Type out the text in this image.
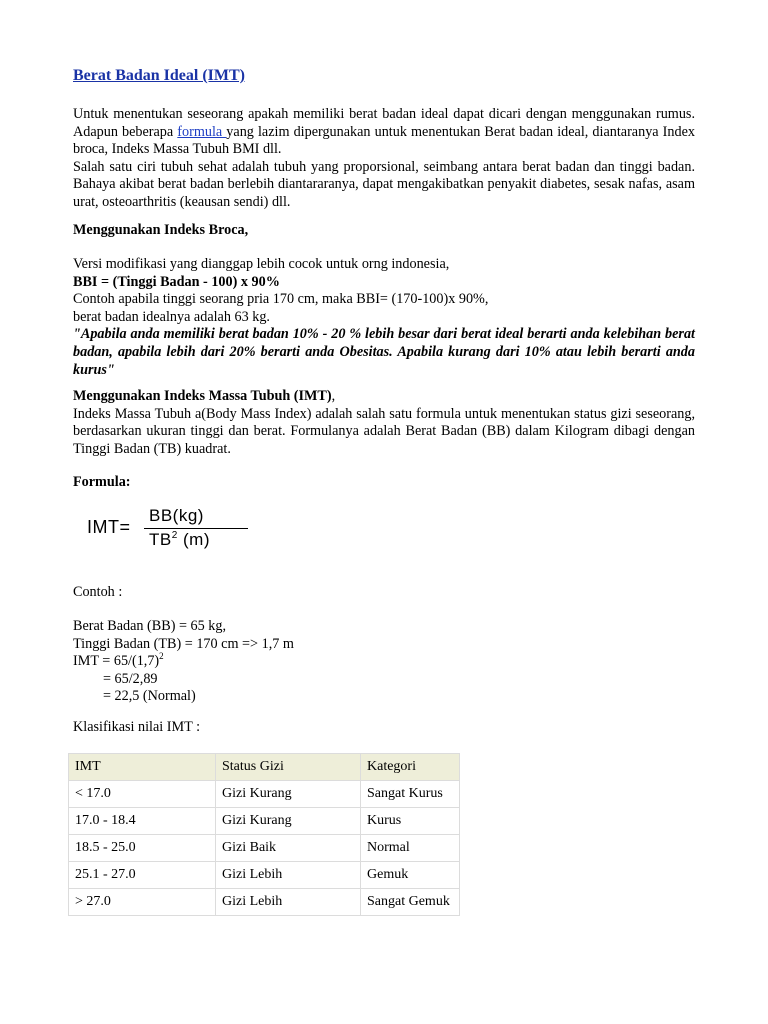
Berat Badan Ideal (IMT)

Untuk menentukan seseorang apakah memiliki berat badan ideal dapat dicari dengan menggunakan rumus. Adapun beberapa formula yang lazim dipergunakan untuk menentukan Berat badan ideal, diantaranya Index broca, Indeks Massa Tubuh BMI dll.
Salah satu ciri tubuh sehat adalah tubuh yang proporsional, seimbang antara berat badan dan tinggi badan. Bahaya akibat berat badan berlebih diantararanya, dapat mengakibatkan penyakit diabetes, sesak nafas, asam urat, osteoarthritis (keausan sendi) dll.

Menggunakan Indeks Broca,

Versi modifikasi yang dianggap lebih cocok untuk orng indonesia,
BBI = (Tinggi Badan - 100) x 90%
Contoh apabila tinggi seorang pria 170 cm, maka BBI= (170-100)x 90%,
berat badan idealnya adalah 63 kg.
"Apabila anda memiliki berat badan 10% - 20 % lebih besar dari berat ideal berarti anda kelebihan berat badan, apabila lebih dari 20% berarti anda Obesitas. Apabila kurang dari 10% atau lebih berarti anda kurus"

Menggunakan Indeks Massa Tubuh (IMT),
Indeks Massa Tubuh a(Body Mass Index) adalah salah satu formula untuk menentukan status gizi seseorang, berdasarkan ukuran tinggi dan berat. Formulanya adalah Berat Badan (BB) dalam Kilogram dibagi dengan Tinggi Badan (TB) kuadrat.

Formula:

IMT=
BB(kg)
$TB^2$ (m)

Contoh :

Berat Badan (BB) = 65 kg,
Tinggi Badan (TB) = 170 cm => 1,7 m
IMT = $65/(1,7)^2$
= 65/2,89
= 22,5 (Normal)

Klasifikasi nilai IMT :

IMT	Status Gizi	Kategori
< 17.0	Gizi Kurang	Sangat Kurus
17.0 - 18.4	Gizi Kurang	Kurus
18.5 - 25.0	Gizi Baik	Normal
25.1 - 27.0	Gizi Lebih	Gemuk
> 27.0	Gizi Lebih	Sangat Gemuk
